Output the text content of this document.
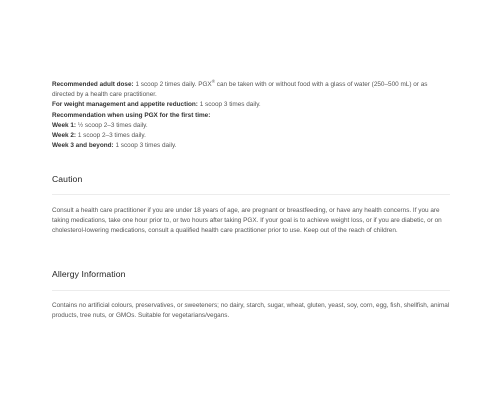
Recommended adult dose: 1 scoop 2 times daily. PGX® can be taken with or without food with a glass of water (250–500 mL) or as directed by a health care practitioner.
For weight management and appetite reduction: 1 scoop 3 times daily.
Recommendation when using PGX for the first time:
Week 1: ½ scoop 2–3 times daily.
Week 2: 1 scoop 2–3 times daily.
Week 3 and beyond: 1 scoop 3 times daily.
Caution
Consult a health care practitioner if you are under 18 years of age, are pregnant or breastfeeding, or have any health concerns. If you are taking medications, take one hour prior to, or two hours after taking PGX. If your goal is to achieve weight loss, or if you are diabetic, or on cholesterol-lowering medications, consult a qualified health care practitioner prior to use. Keep out of the reach of children.
Allergy Information
Contains no artificial colours, preservatives, or sweeteners; no dairy, starch, sugar, wheat, gluten, yeast, soy, corn, egg, fish, shellfish, animal products, tree nuts, or GMOs. Suitable for vegetarians/vegans.
